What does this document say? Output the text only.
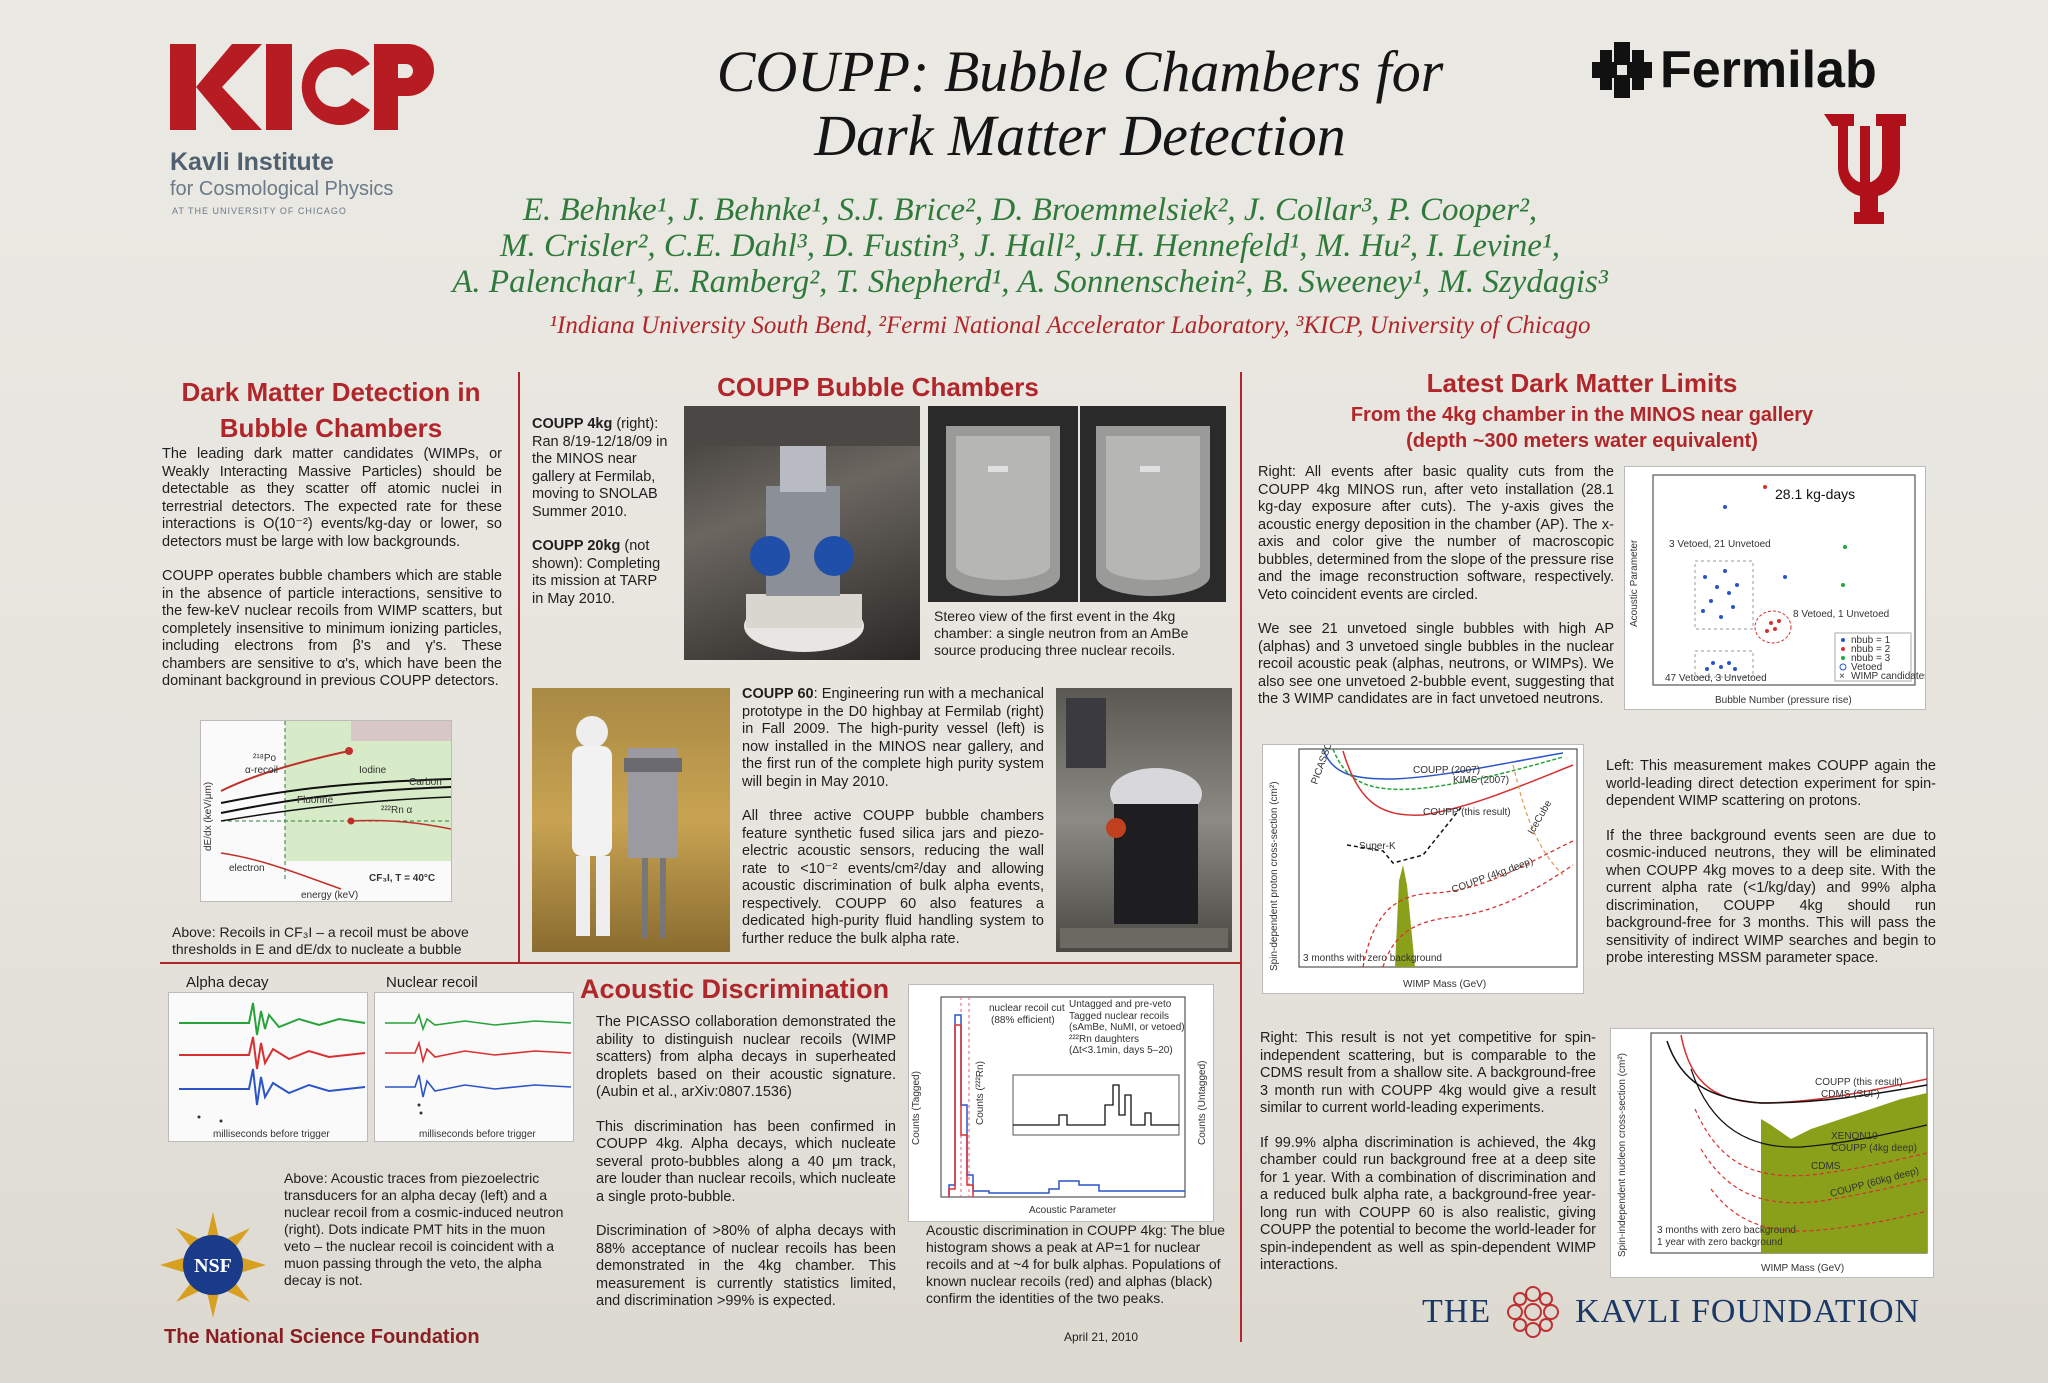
Kavli Institute
for Cosmological Physics
AT THE UNIVERSITY OF CHICAGO
COUPP: Bubble Chambers for
Dark Matter Detection
Fermilab
E. Behnke¹, J. Behnke¹, S.J. Brice², D. Broemmelsiek², J. Collar³, P. Cooper²,
M. Crisler², C.E. Dahl³, D. Fustin³, J. Hall², J.H. Hennefeld¹, M. Hu², I. Levine¹,
A. Palenchar¹, E. Ramberg², T. Shepherd¹, A. Sonnenschein², B. Sweeney¹, M. Szydagis³
¹Indiana University South Bend, ²Fermi National Accelerator Laboratory, ³KICP, University of Chicago
Dark Matter Detection in
Bubble Chambers

The leading dark matter candidates (WIMPs, or Weakly Interacting Massive Particles) should be detectable as they scatter off atomic nuclei in terrestrial detectors. The expected rate for these interactions is O(10⁻²) events/kg-day or lower, so detectors must be large with low backgrounds.

COUPP operates bubble chambers which are stable in the absence of particle interactions, sensitive to the few-keV nuclear recoils from WIMP scatters, but completely insensitive to minimum ionizing particles, including electrons from β's and γ's. These chambers are sensitive to α's, which have been the dominant background in previous COUPP detectors.

²¹⁸Po
α-recoil	Iodine
Carbon
Fluorine
²²²Rn α
electron
CF₃I, T = 40°C
energy (keV)
dE/dx (keV/μm)
Above: Recoils in CF₃I – a recoil must be above thresholds in E and dE/dx to nucleate a bubble
COUPP Bubble Chambers

COUPP 4kg (right): Ran 8/19-12/18/09 in the MINOS near gallery at Fermilab, moving to SNOLAB Summer 2010.

COUPP 20kg (not shown): Completing its mission at TARP in May 2010.

Stereo view of the first event in the 4kg chamber: a single neutron from an AmBe source producing three nuclear recoils.

COUPP 60: Engineering run with a mechanical prototype in the D0 highbay at Fermilab (right) in Fall 2009. The high-purity vessel (left) is now installed in the MINOS near gallery, and the first run of the complete high purity system will begin in May 2010.

All three active COUPP bubble chambers feature synthetic fused silica jars and piezo-electric acoustic sensors, reducing the wall rate to <10⁻² events/cm²/day and allowing acoustic discrimination of bulk alpha events, respectively. COUPP 60 also features a dedicated high-purity fluid handling system to further reduce the bulk alpha rate.

Alpha decay	Nuclear recoil
milliseconds before trigger	milliseconds before trigger
Above: Acoustic traces from piezoelectric transducers for an alpha decay (left) and a nuclear recoil from a cosmic-induced neutron (right). Dots indicate PMT hits in the muon veto – the nuclear recoil is coincident with a muon passing through the veto, the alpha decay is not.
Acoustic Discrimination

The PICASSO collaboration demonstrated the ability to distinguish nuclear recoils (WIMP scatters) from alpha decays in superheated droplets based on their acoustic signature. (Aubin et al., arXiv:0807.1536)

This discrimination has been confirmed in COUPP 4kg. Alpha decays, which nucleate several proto-bubbles along a 40 μm track, are louder than nuclear recoils, which nucleate a single proto-bubble.

Discrimination of >80% of alpha decays with 88% acceptance of nuclear recoils has been demonstrated in the 4kg chamber. This measurement is currently statistics limited, and discrimination >99% is expected.

nuclear recoil cut
(88% efficient)
Untagged and pre-veto
Tagged nuclear recoils
(sAmBe, NuMI, or vetoed)
²²²Rn daughters
(Δt<3.1min, days 5–20)
Counts (²²²Rn)
Acoustic Parameter
Counts (Tagged)	Counts (Untagged)
Acoustic discrimination in COUPP 4kg: The blue histogram shows a peak at AP=1 for nuclear recoils and at ~4 for bulk alphas. Populations of known nuclear recoils (red) and alphas (black) confirm the identities of the two peaks.
April 21, 2010
Latest Dark Matter Limits
From the 4kg chamber in the MINOS near gallery
(depth ~300 meters water equivalent)

Right: All events after basic quality cuts from the COUPP 4kg MINOS run, after veto installation (28.1 kg-day exposure after cuts). The y-axis gives the acoustic energy deposition in the chamber (AP). The x-axis and color give the number of macroscopic bubbles, determined from the slope of the pressure rise and the image reconstruction software, respectively. Veto coincident events are circled.

We see 21 unvetoed single bubbles with high AP (alphas) and 3 unvetoed single bubbles in the nuclear recoil acoustic peak (alphas, neutrons, or WIMPs). We also see one unvetoed 2-bubble event, suggesting that the 3 WIMP candidates are in fact unvetoed neutrons.

28.1 kg-days
3 Vetoed, 21 Unvetoed
8 Vetoed, 1 Unvetoed
47 Vetoed, 3 Unvetoed
nbub = 1
nbub = 2
nbub = 3
Vetoed
× WIMP candidates
Bubble Number (pressure rise)
Acoustic Parameter
PICASSO (2009)	COUPP (2007)
KIMS (2007)
COUPP (this result) IceCube
Super-K
COUPP (4kg deep)
3 months with zero background
WIMP Mass (GeV)
Spin-dependent proton cross-section (cm²)

Left: This measurement makes COUPP again the world-leading direct detection experiment for spin-dependent WIMP scattering on protons.

If the three background events seen are due to cosmic-induced neutrons, they will be eliminated when COUPP 4kg moves to a deep site. With the current alpha rate (<1/kg/day) and 99% alpha discrimination, COUPP 4kg should run background-free for 3 months. This will pass the sensitivity of indirect WIMP searches and begin to probe interesting MSSM parameter space.

Right: This result is not yet competitive for spin-independent scattering, but is comparable to the CDMS result from a shallow site. A background-free 3 month run with COUPP 4kg would give a result similar to current world-leading experiments.

If 99.9% alpha discrimination is achieved, the 4kg chamber could run background free at a deep site for 1 year. With a combination of discrimination and a reduced bulk alpha rate, a background-free year-long run with COUPP 60 is also realistic, giving COUPP the potential to become the world-leader for spin-independent as well as spin-dependent WIMP interactions.

COUPP (this result)
CDMS (SUF)
XENON10
COUPP (4kg deep)
CDMS
COUPP (60kg deep)
3 months with zero background
1 year with zero background
WIMP Mass (GeV)
Spin-independent nucleon cross-section (cm²)
NSF
The National Science Foundation
THE KAVLI FOUNDATION
